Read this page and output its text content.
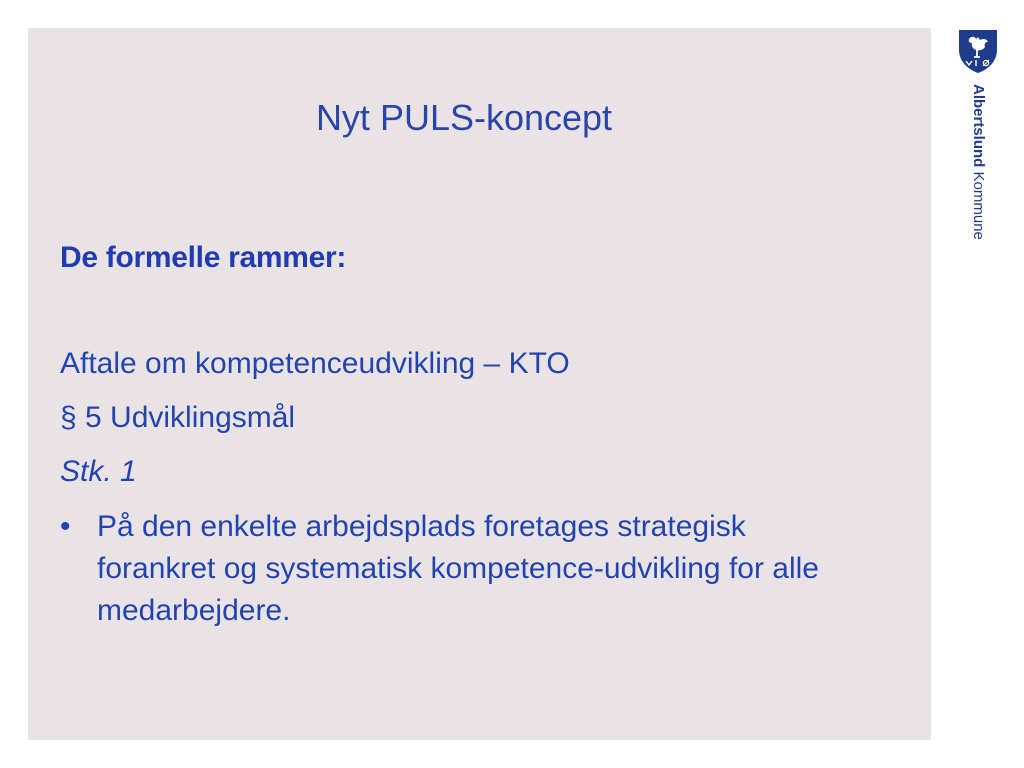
Nyt PULS-koncept
De formelle rammer:
Aftale om kompetenceudvikling – KTO
§ 5 Udviklingsmål
Stk. 1
• På den enkelte arbejdsplads foretages strategisk forankret og systematisk kompetence-udvikling for alle medarbejdere.
Albertslund Kommune
